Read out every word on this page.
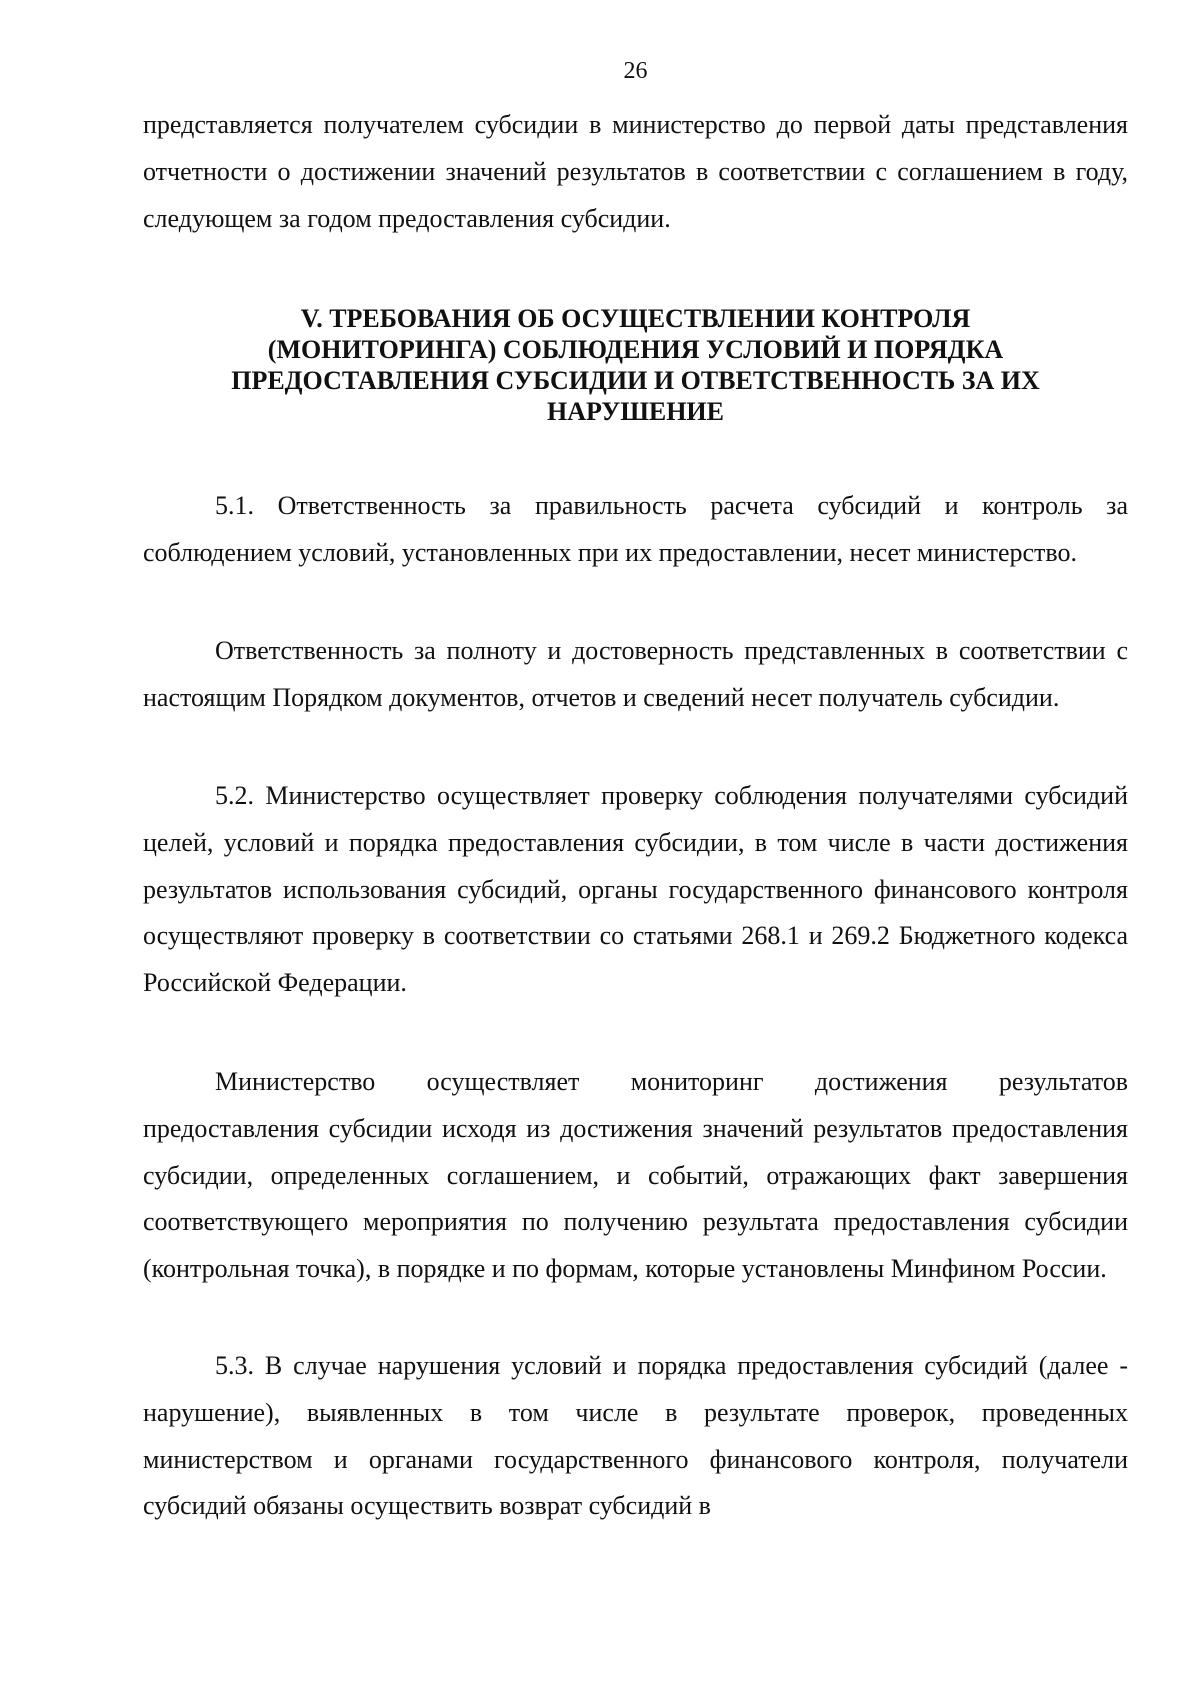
26

представляется получателем субсидии в министерство до первой даты представления отчетности о достижении значений результатов в соответствии с соглашением в году, следующем за годом предоставления субсидии.

V. ТРЕБОВАНИЯ ОБ ОСУЩЕСТВЛЕНИИ КОНТРОЛЯ
(МОНИТОРИНГА) СОБЛЮДЕНИЯ УСЛОВИЙ И ПОРЯДКА
ПРЕДОСТАВЛЕНИЯ СУБСИДИИ И ОТВЕТСТВЕННОСТЬ ЗА ИХ
НАРУШЕНИЕ

5.1. Ответственность за правильность расчета субсидий и контроль за соблюдением условий, установленных при их предоставлении, несет министерство.

Ответственность за полноту и достоверность представленных в соответствии с настоящим Порядком документов, отчетов и сведений несет получатель субсидии.

5.2. Министерство осуществляет проверку соблюдения получателями субсидий целей, условий и порядка предоставления субсидии, в том числе в части достижения результатов использования субсидий, органы государственного финансового контроля осуществляют проверку в соответствии со статьями 268.1 и 269.2 Бюджетного кодекса Российской Федерации.

Министерство осуществляет мониторинг достижения результатов предоставления субсидии исходя из достижения значений результатов предоставления субсидии, определенных соглашением, и событий, отражающих факт завершения соответствующего мероприятия по получению результата предоставления субсидии (контрольная точка), в порядке и по формам, которые установлены Минфином России.

5.3. В случае нарушения условий и порядка предоставления субсидий (далее - нарушение), выявленных в том числе в результате проверок, проведенных министерством и органами государственного финансового контроля, получатели субсидий обязаны осуществить возврат субсидий в
